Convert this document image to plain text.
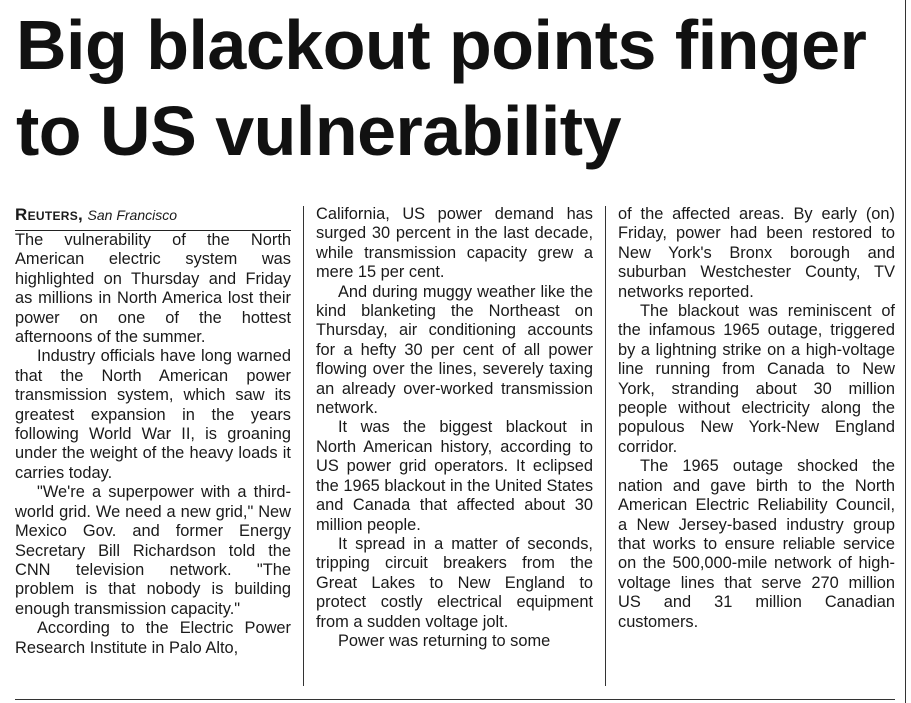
Big blackout points finger
to US vulnerability

Reuters, San Francisco

The vulnerability of the North American electric system was highlighted on Thursday and Friday as millions in North America lost their power on one of the hottest afternoons of the summer.

Industry officials have long warned that the North American power transmission system, which saw its greatest expansion in the years following World War II, is groaning under the weight of the heavy loads it carries today.

"We're a superpower with a third-world grid. We need a new grid," New Mexico Gov. and former Energy Secretary Bill Richardson told the CNN television network. "The problem is that nobody is building enough transmission capacity."

According to the Electric Power Research Institute in Palo Alto,

California, US power demand has surged 30 percent in the last decade, while transmission capacity grew a mere 15 per cent.

And during muggy weather like the kind blanketing the Northeast on Thursday, air conditioning accounts for a hefty 30 per cent of all power flowing over the lines, severely taxing an already over-worked transmission network.

It was the biggest blackout in North American history, according to US power grid operators. It eclipsed the 1965 blackout in the United States and Canada that affected about 30 million people.

It spread in a matter of seconds, tripping circuit breakers from the Great Lakes to New England to protect costly electrical equipment from a sudden voltage jolt.

Power was returning to some

of the affected areas. By early (on) Friday, power had been restored to New York's Bronx borough and suburban Westchester County, TV networks reported.

The blackout was reminiscent of the infamous 1965 outage, triggered by a lightning strike on a high-voltage line running from Canada to New York, stranding about 30 million people without electricity along the populous New York-New England corridor.

The 1965 outage shocked the nation and gave birth to the North American Electric Reliability Council, a New Jersey-based industry group that works to ensure reliable service on the 500,000-mile network of highvoltage lines that serve 270 million US and 31 million Canadian customers.
